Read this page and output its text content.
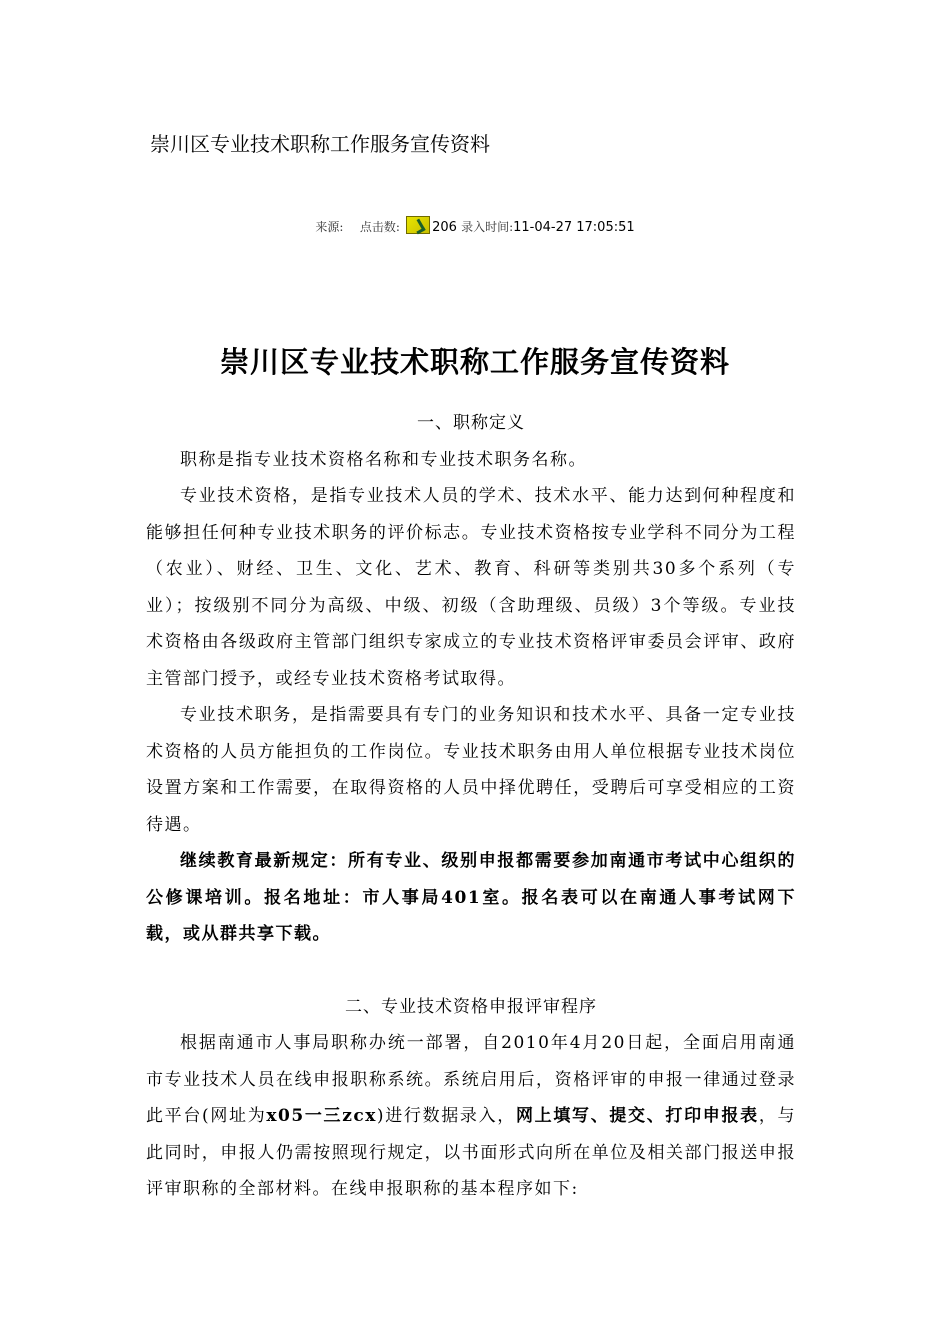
崇川区专业技术职称工作服务宣传资料
来源: 点击数: 206 录入时间:11-04-27 17:05:51
崇川区专业技术职称工作服务宣传资料

一、职称定义

职称是指专业技术资格名称和专业技术职务名称。

专业技术资格，是指专业技术人员的学术、技术水平、能力达到何种程度和能够担任何种专业技术职务的评价标志。专业技术资格按专业学科不同分为工程（农业）、财经、卫生、文化、艺术、教育、科研等类别共30多个系列（专业）；按级别不同分为高级、中级、初级（含助理级、员级）3个等级。专业技术资格由各级政府主管部门组织专家成立的专业技术资格评审委员会评审、政府主管部门授予，或经专业技术资格考试取得。

专业技术职务，是指需要具有专门的业务知识和技术水平、具备一定专业技术资格的人员方能担负的工作岗位。专业技术职务由用人单位根据专业技术岗位设置方案和工作需要，在取得资格的人员中择优聘任，受聘后可享受相应的工资待遇。

继续教育最新规定：所有专业、级别申报都需要参加南通市考试中心组织的公修课培训。报名地址：市人事局401室。报名表可以在南通人事考试网下载，或从群共享下载。

二、专业技术资格申报评审程序

根据南通市人事局职称办统一部署，自2010年4月20日起，全面启用南通市专业技术人员在线申报职称系统。系统启用后，资格评审的申报一律通过登录此平台(网址为x05一三zcx)进行数据录入，网上填写、提交、打印申报表，与此同时，申报人仍需按照现行规定，以书面形式向所在单位及相关部门报送申报评审职称的全部材料。在线申报职称的基本程序如下:
